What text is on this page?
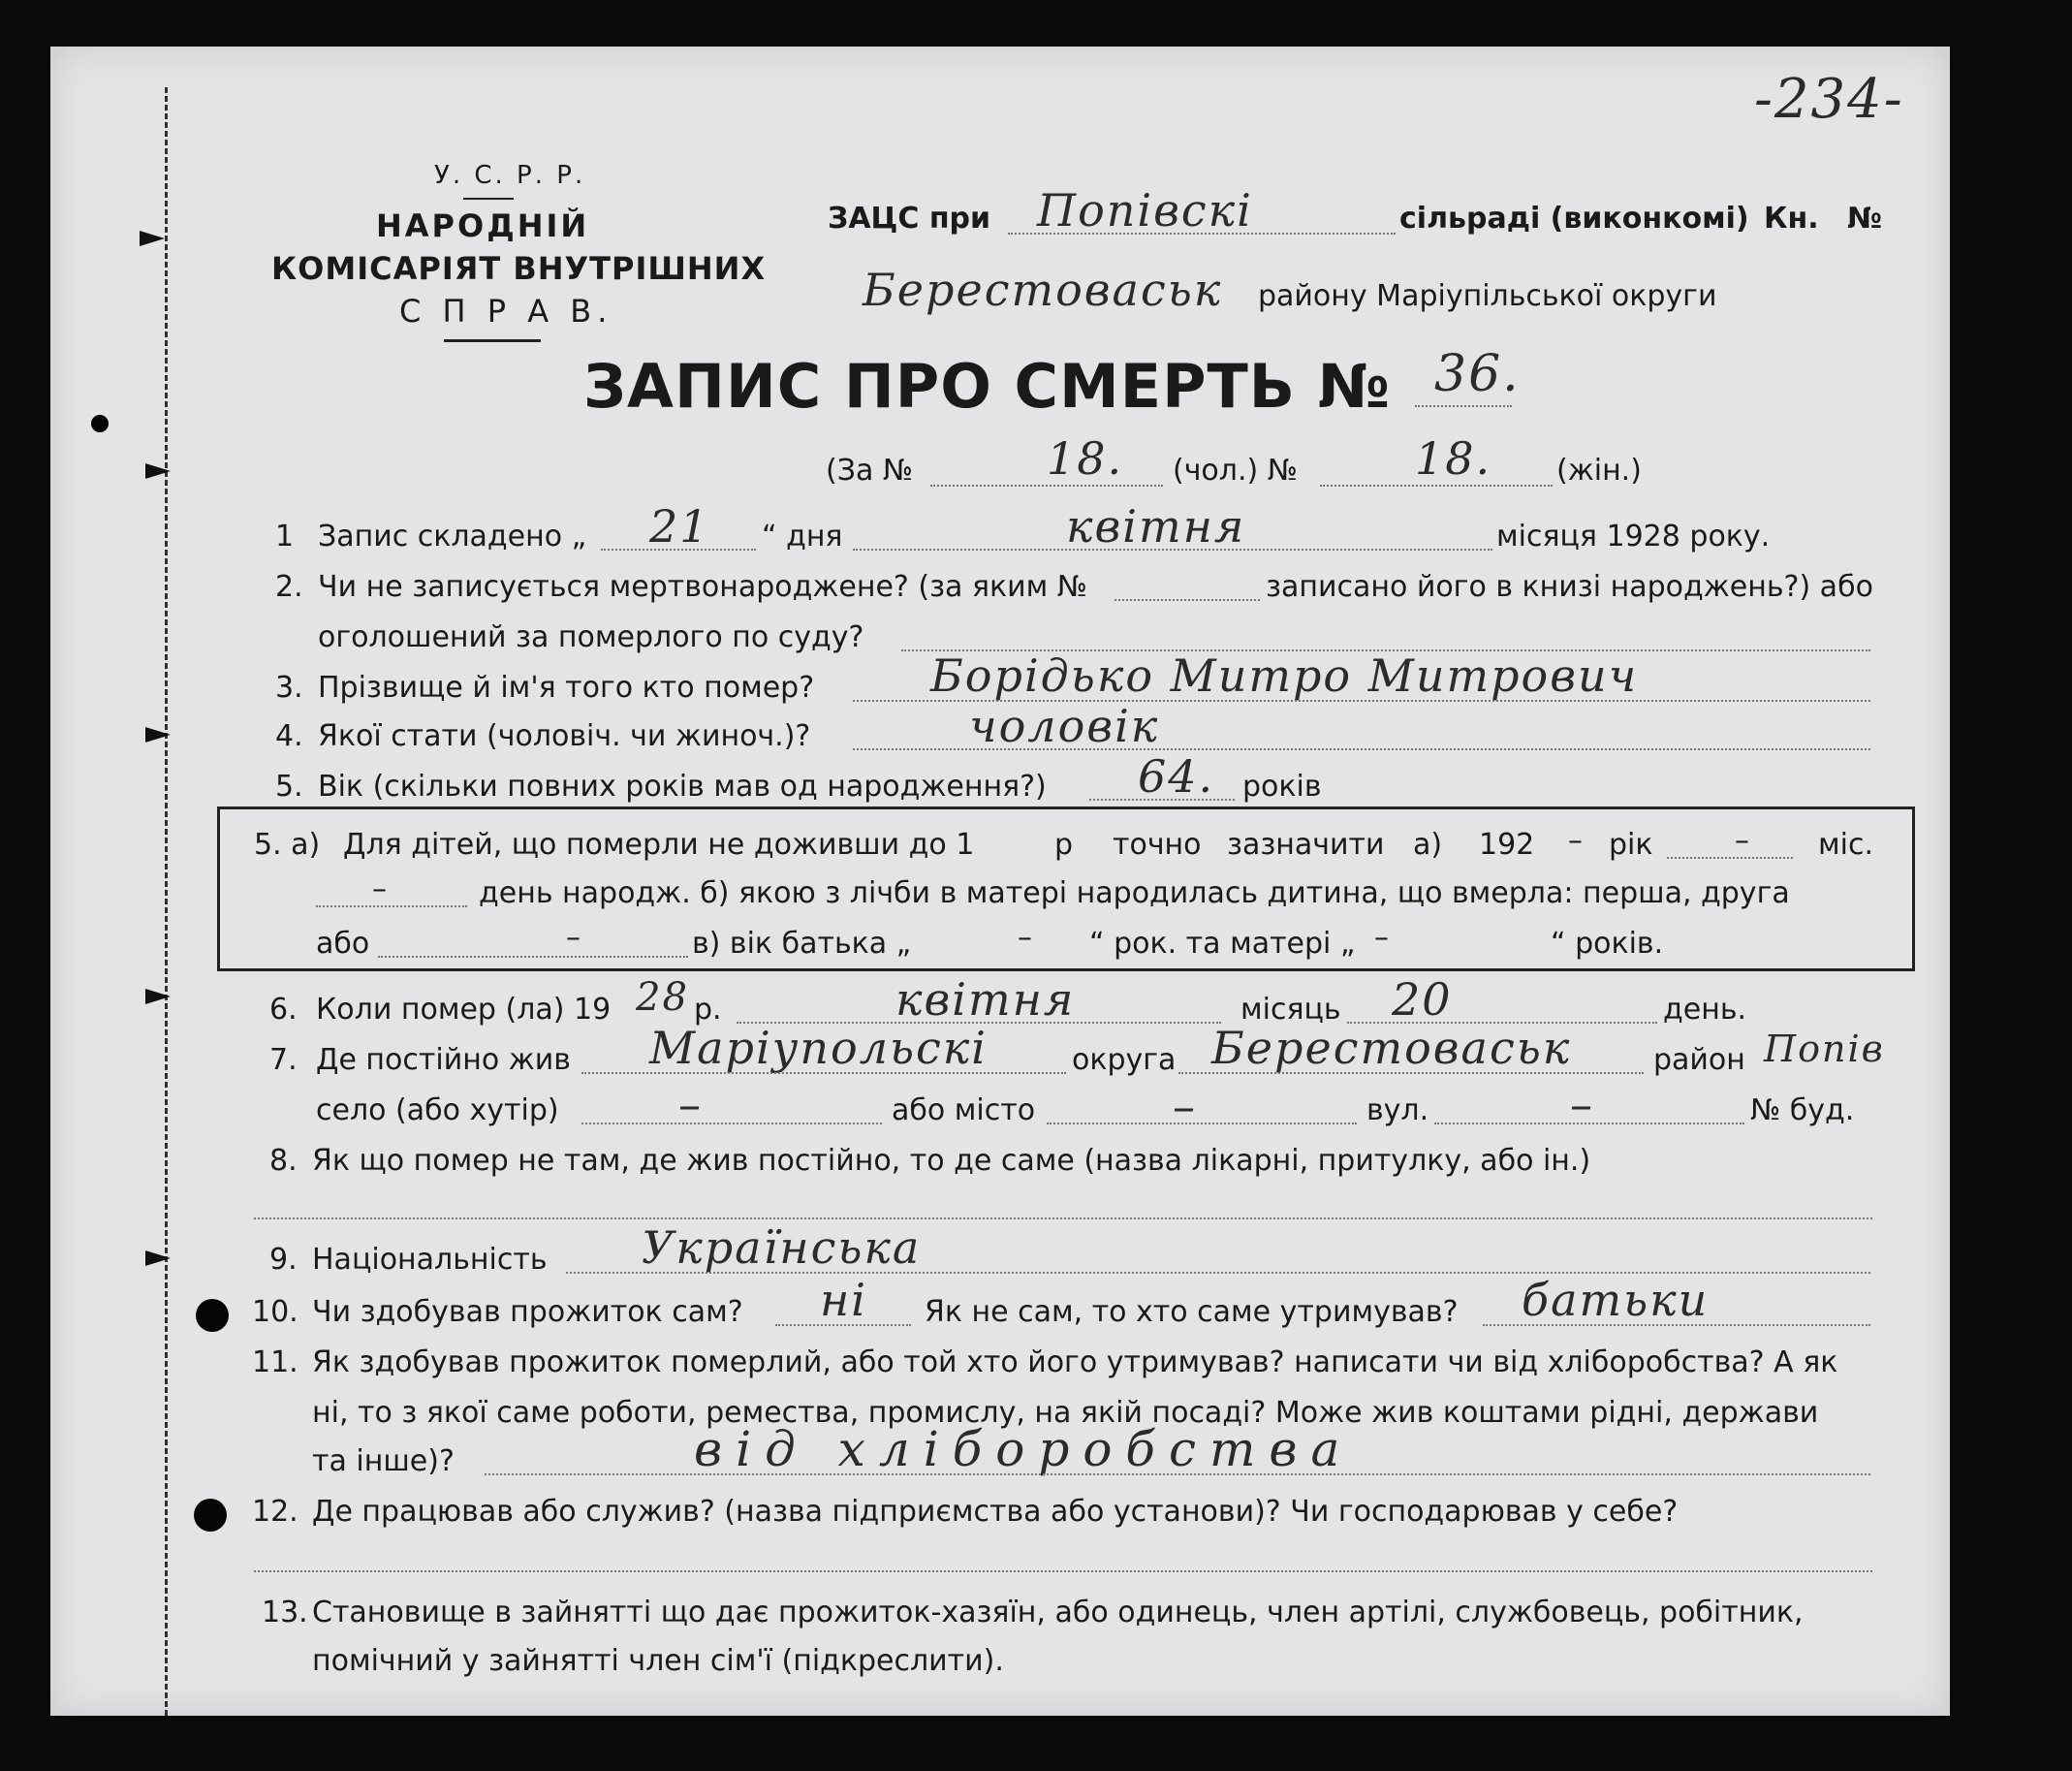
-234-
У. С. Р. Р.
НАРОДНІЙ
КОМІСАРІЯТ ВНУТРІШНИХ
С П Р А В.
ЗАЦС при Попівскі	сільраді (виконкомі) Кн. №
Берестоваськ району Маріупільської округи
ЗАПИС ПРО СМЕРТЬ № 36.
(За №	18. (чол.) №	18. (жін.)
1 Запис складено „ 21 “ дня	квітня	місяця 1928 року.
2. Чи не записується мертвонароджене? (за яким №	записано його в книзі народжень?) або
оголошений за померлого по суду?
3. Прізвище й ім'я того кто помер?	Борідько Митро Митрович
4. Якої стати (чоловіч. чи жиноч.)?	чоловік
5. Вік (скільки повних років мав од народження?) 64. років
5. а) Для дітей, що померли не доживши до 1	р точно зазначити а) 192 – рік	– міс.
–	день народж. б) якою з лічби в матері народилась дитина, що вмерла: перша, друга
або	–	в) вік батька „	– “ рок. та матері „ –	“ років.
6. Коли помер (ла) 19 28 р.	квітня	місяць 20	день.
7. Де постійно жив Маріупольскі	округа Берестоваськ	район Попів
село (або хутір)	–	або місто	–	вул.	–	№ буд.
8. Як що помер не там, де жив постійно, то де саме (назва лікарні, притулку, або ін.)
9. Національність Українська
10. Чи здобував прожиток сам? ні Як не сам, то хто саме утримував? батьки
11. Як здобував прожиток померлий, або той хто його утримував? написати чи від хліборобства? А як
ні, то з якої саме роботи, ремества, промислу, на якій посаді? Може жив коштами рідні, держави
та інше)?	від хліборобства
12. Де працював або служив? (назва підприємства або установи)? Чи господарював у себе?
13. Становище в зайнятті що дає прожиток-хазяїн, або одинець, член артілі, службовець, робітник,
помічний у зайнятті член сім'ї (підкреслити).
